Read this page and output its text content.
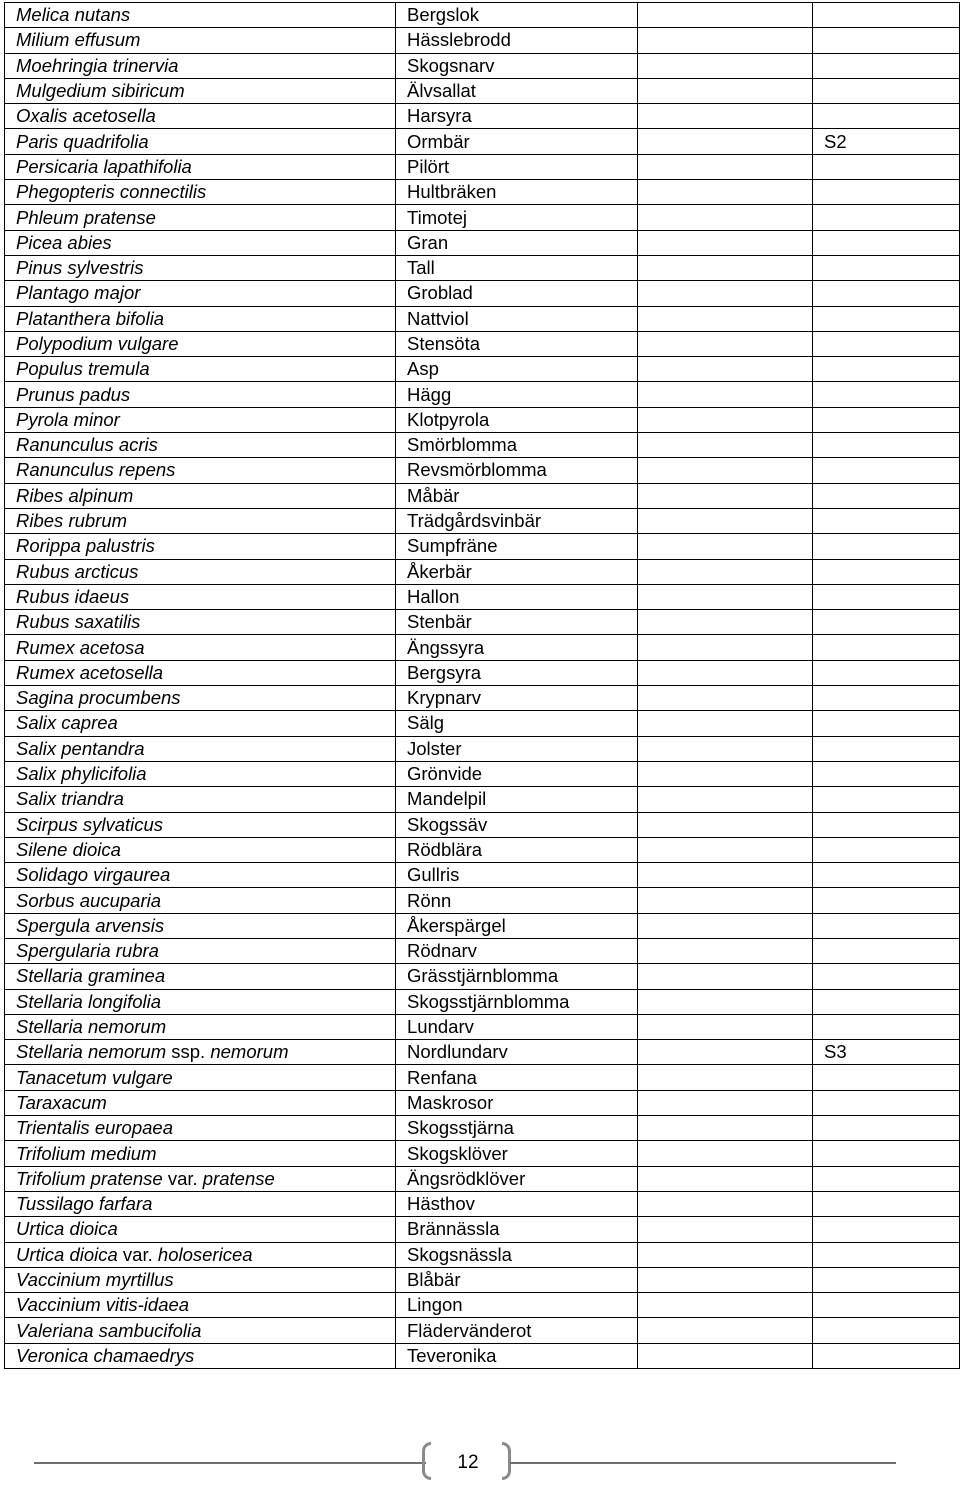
Melica nutans	Bergslok		
Milium effusum	Hässlebrodd		
Moehringia trinervia	Skogsnarv		
Mulgedium sibiricum	Älvsallat		
Oxalis acetosella	Harsyra		
Paris quadrifolia	Ormbär		S2
Persicaria lapathifolia	Pilört		
Phegopteris connectilis	Hultbräken		
Phleum pratense	Timotej		
Picea abies	Gran		
Pinus sylvestris	Tall		
Plantago major	Groblad		
Platanthera bifolia	Nattviol		
Polypodium vulgare	Stensöta		
Populus tremula	Asp		
Prunus padus	Hägg		
Pyrola minor	Klotpyrola		
Ranunculus acris	Smörblomma		
Ranunculus repens	Revsmörblomma		
Ribes alpinum	Måbär		
Ribes rubrum	Trädgårdsvinbär		
Rorippa palustris	Sumpfräne		
Rubus arcticus	Åkerbär		
Rubus idaeus	Hallon		
Rubus saxatilis	Stenbär		
Rumex acetosa	Ängssyra		
Rumex acetosella	Bergsyra		
Sagina procumbens	Krypnarv		
Salix caprea	Sälg		
Salix pentandra	Jolster		
Salix phylicifolia	Grönvide		
Salix triandra	Mandelpil		
Scirpus sylvaticus	Skogssäv		
Silene dioica	Rödblära		
Solidago virgaurea	Gullris		
Sorbus aucuparia	Rönn		
Spergula arvensis	Åkerspärgel		
Spergularia rubra	Rödnarv		
Stellaria graminea	Grässtjärnblomma		
Stellaria longifolia	Skogsstjärnblomma		
Stellaria nemorum	Lundarv		
Stellaria nemorum ssp. nemorum	Nordlundarv		S3
Tanacetum vulgare	Renfana		
Taraxacum	Maskrosor		
Trientalis europaea	Skogsstjärna		
Trifolium medium	Skogsklöver		
Trifolium pratense var. pratense	Ängsrödklöver		
Tussilago farfara	Hästhov		
Urtica dioica	Brännässla		
Urtica dioica var. holosericea	Skogsnässla		
Vaccinium myrtillus	Blåbär		
Vaccinium vitis-idaea	Lingon		
Valeriana sambucifolia	Flädervänderot		
Veronica chamaedrys	Teveronika		
12
